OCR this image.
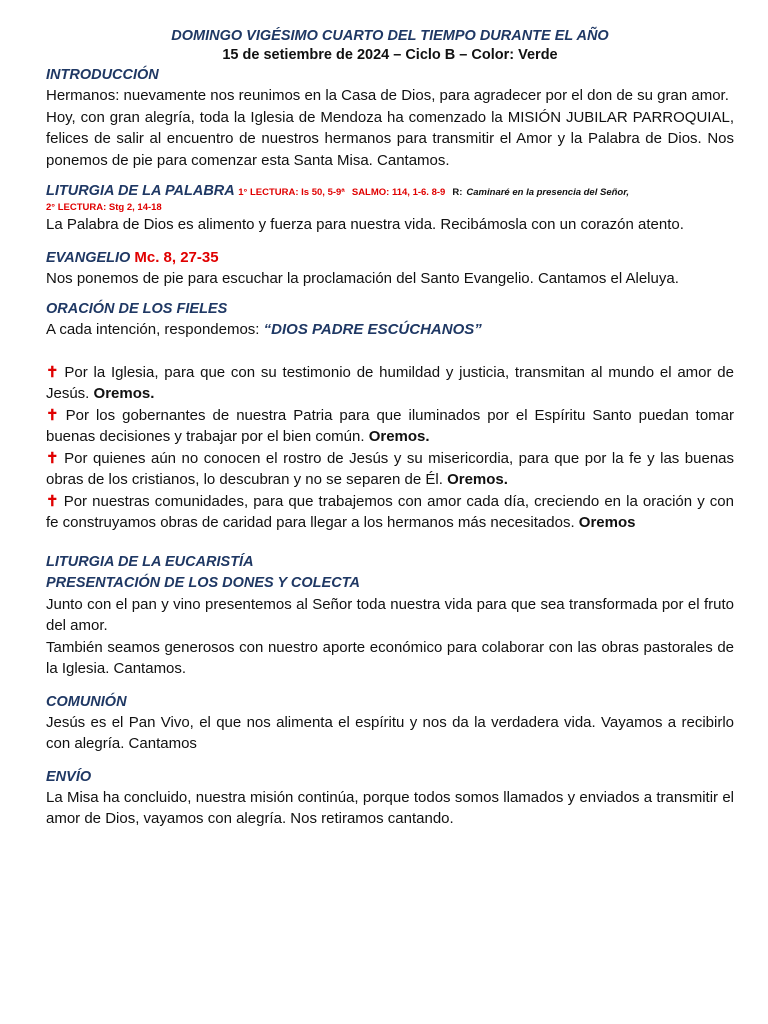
DOMINGO VIGÉSIMO CUARTO DEL TIEMPO DURANTE EL AÑO
15 de setiembre de 2024 – Ciclo B – Color: Verde
INTRODUCCIÓN

Hermanos: nuevamente nos reunimos en la Casa de Dios, para agradecer por el don de su gran amor.

Hoy, con gran alegría, toda la Iglesia de Mendoza ha comenzado la MISIÓN JUBILAR PARROQUIAL, felices de salir al encuentro de nuestros hermanos para transmitir el Amor y la Palabra de Dios. Nos ponemos de pie para comenzar esta Santa Misa. Cantamos.

LITURGIA DE LA PALABRA 1° LECTURA: Is 50, 5-9ª SALMO: 114, 1-6. 8-9 R: Caminaré en la presencia del Señor,
2° LECTURA: Stg 2, 14-18

La Palabra de Dios es alimento y fuerza para nuestra vida. Recibámosla con un corazón atento.

EVANGELIO Mc. 8, 27-35

Nos ponemos de pie para escuchar la proclamación del Santo Evangelio. Cantamos el Aleluya.

ORACIÓN DE LOS FIELES

A cada intención, respondemos: “DIOS PADRE ESCÚCHANOS”

✝ Por la Iglesia, para que con su testimonio de humildad y justicia, transmitan al mundo el amor de Jesús. Oremos.

✝ Por los gobernantes de nuestra Patria para que iluminados por el Espíritu Santo puedan tomar buenas decisiones y trabajar por el bien común. Oremos.

✝ Por quienes aún no conocen el rostro de Jesús y su misericordia, para que por la fe y las buenas obras de los cristianos, lo descubran y no se separen de Él. Oremos.

✝ Por nuestras comunidades, para que trabajemos con amor cada día, creciendo en la oración y con fe construyamos obras de caridad para llegar a los hermanos más necesitados. Oremos

LITURGIA DE LA EUCARISTÍA
PRESENTACIÓN DE LOS DONES Y COLECTA

Junto con el pan y vino presentemos al Señor toda nuestra vida para que sea transformada por el fruto del amor.

También seamos generosos con nuestro aporte económico para colaborar con las obras pastorales de la Iglesia. Cantamos.

COMUNIÓN

Jesús es el Pan Vivo, el que nos alimenta el espíritu y nos da la verdadera vida. Vayamos a recibirlo con alegría. Cantamos

ENVÍO

La Misa ha concluido, nuestra misión continúa, porque todos somos llamados y enviados a transmitir el amor de Dios, vayamos con alegría. Nos retiramos cantando.
